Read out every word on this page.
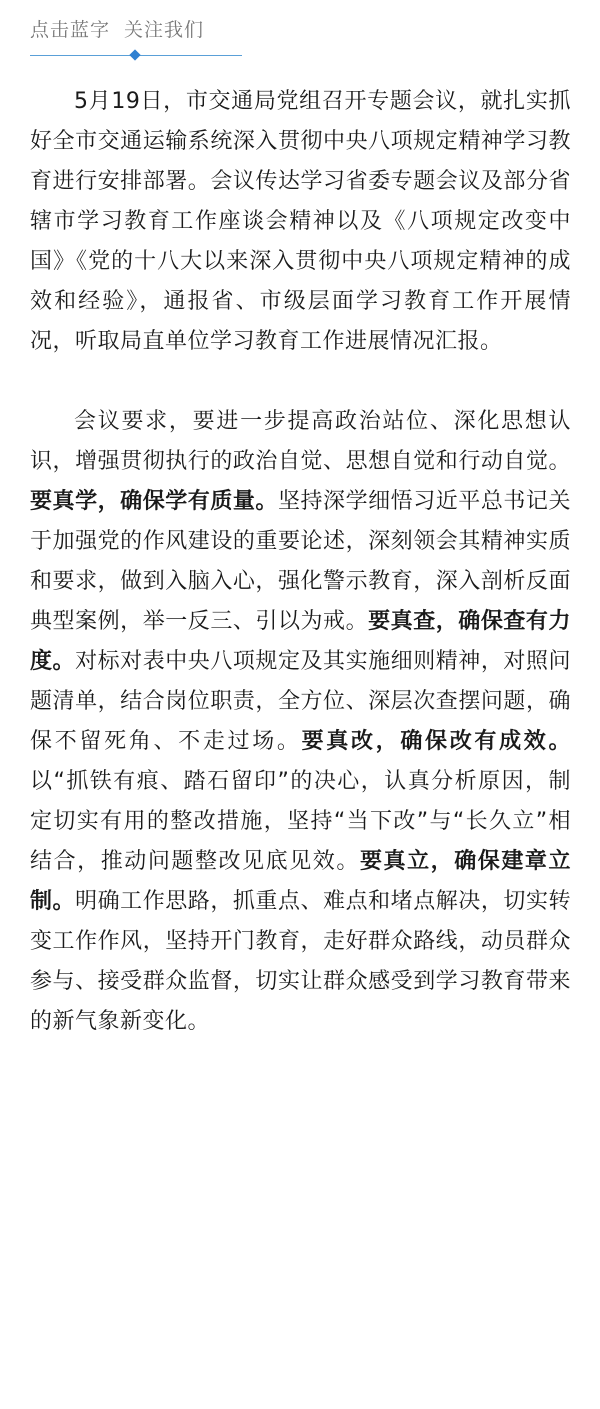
点击蓝字 关注我们

5月19日，市交通局党组召开专题会议，就扎实抓好全市交通运输系统深入贯彻中央八项规定精神学习教育进行安排部署。会议传达学习省委专题会议及部分省辖市学习教育工作座谈会精神以及《八项规定改变中国》《党的十八大以来深入贯彻中央八项规定精神的成效和经验》，通报省、市级层面学习教育工作开展情况，听取局直单位学习教育工作进展情况汇报。

会议要求，要进一步提高政治站位、深化思想认识，增强贯彻执行的政治自觉、思想自觉和行动自觉。要真学，确保学有质量。坚持深学细悟习近平总书记关于加强党的作风建设的重要论述，深刻领会其精神实质和要求，做到入脑入心，强化警示教育，深入剖析反面典型案例，举一反三、引以为戒。要真查，确保查有力度。对标对表中央八项规定及其实施细则精神，对照问题清单，结合岗位职责，全方位、深层次查摆问题，确保不留死角、不走过场。要真改，确保改有成效。以“抓铁有痕、踏石留印”的决心，认真分析原因，制定切实有用的整改措施，坚持“当下改”与“长久立”相结合，推动问题整改见底见效。要真立，确保建章立制。明确工作思路，抓重点、难点和堵点解决，切实转变工作作风，坚持开门教育，走好群众路线，动员群众参与、接受群众监督，切实让群众感受到学习教育带来的新气象新变化。
